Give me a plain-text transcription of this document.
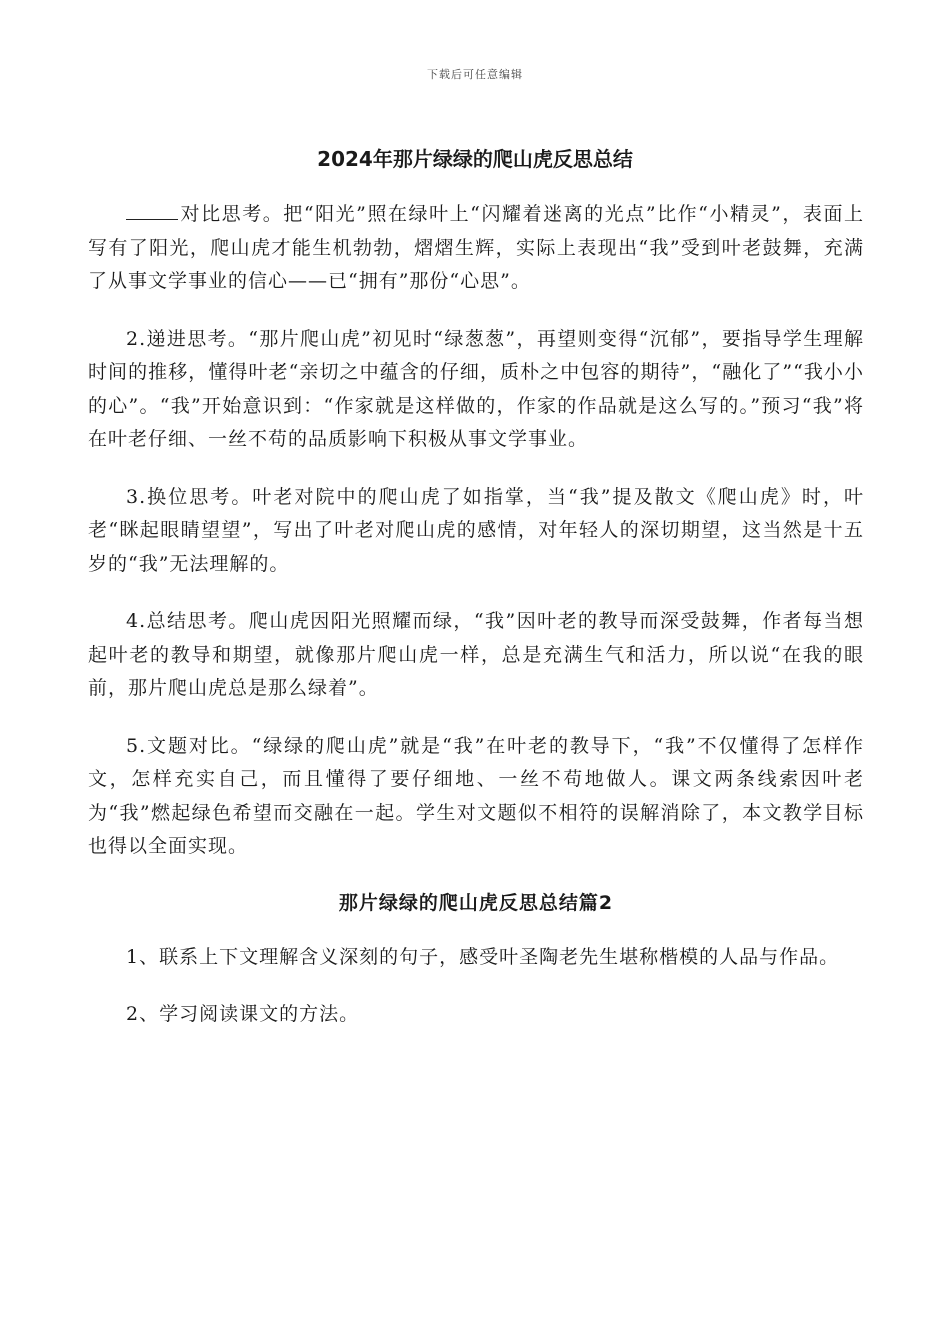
下载后可任意编辑
2024年那片绿绿的爬山虎反思总结

对比思考。把“阳光”照在绿叶上“闪耀着迷离的光点”比作“小精灵”，表面上写有了阳光，爬山虎才能生机勃勃，熠熠生辉，实际上表现出“我”受到叶老鼓舞，充满了从事文学事业的信心——已“拥有”那份“心思”。

2.递进思考。“那片爬山虎”初见时“绿葱葱”，再望则变得“沉郁”，要指导学生理解时间的推移，懂得叶老“亲切之中蕴含的仔细，质朴之中包容的期待”，“融化了”“我小小的心”。“我”开始意识到：“作家就是这样做的，作家的作品就是这么写的。”预习“我”将在叶老仔细、一丝不苟的品质影响下积极从事文学事业。

3.换位思考。叶老对院中的爬山虎了如指掌，当“我”提及散文《爬山虎》时，叶老“眯起眼睛望望”，写出了叶老对爬山虎的感情，对年轻人的深切期望，这当然是十五岁的“我”无法理解的。

4.总结思考。爬山虎因阳光照耀而绿，“我”因叶老的教导而深受鼓舞，作者每当想起叶老的教导和期望，就像那片爬山虎一样，总是充满生气和活力，所以说“在我的眼前，那片爬山虎总是那么绿着”。

5.文题对比。“绿绿的爬山虎”就是“我”在叶老的教导下，“我”不仅懂得了怎样作文，怎样充实自己，而且懂得了要仔细地、一丝不苟地做人。课文两条线索因叶老为“我”燃起绿色希望而交融在一起。学生对文题似不相符的误解消除了，本文教学目标也得以全面实现。

那片绿绿的爬山虎反思总结篇2

1、联系上下文理解含义深刻的句子，感受叶圣陶老先生堪称楷模的人品与作品。

2、学习阅读课文的方法。
